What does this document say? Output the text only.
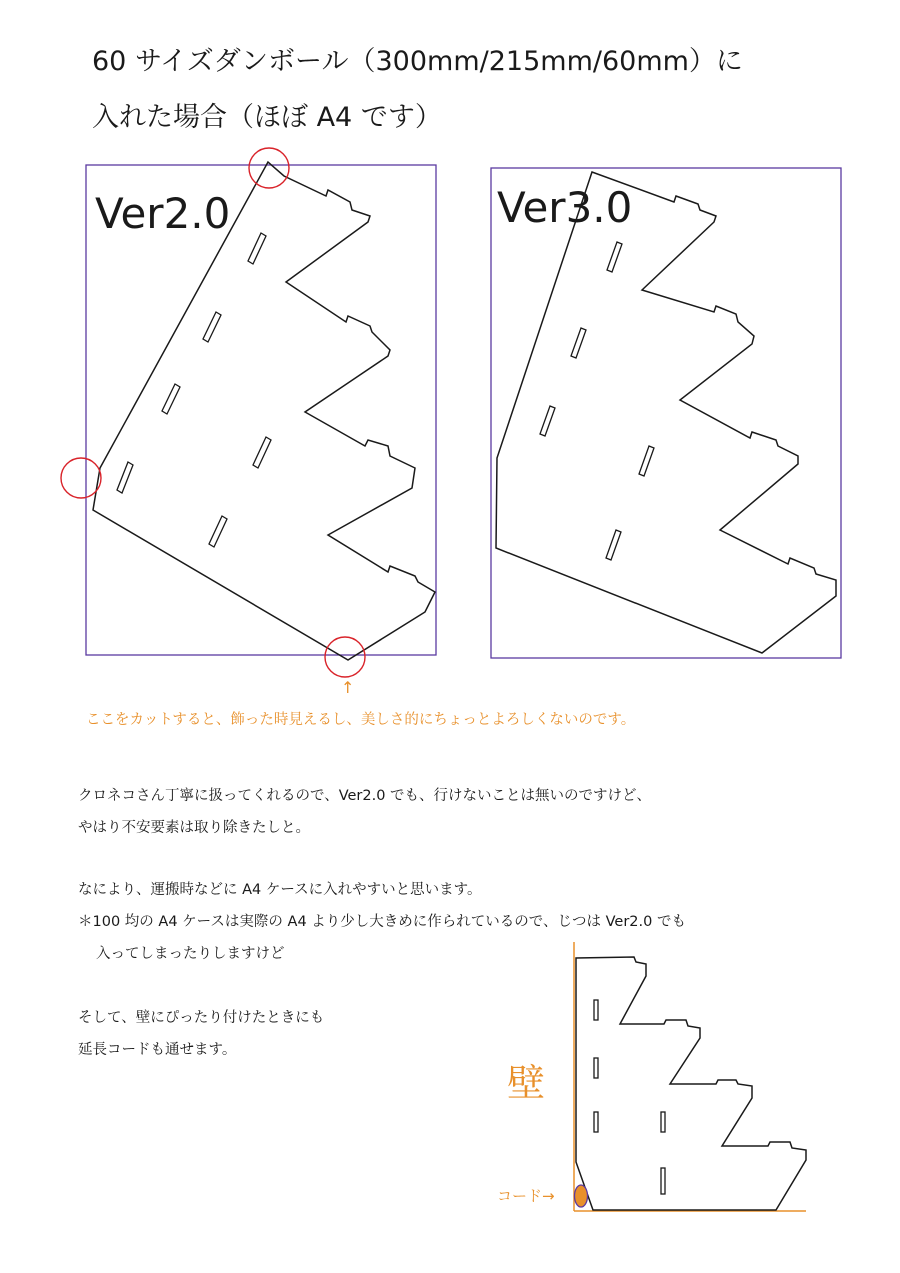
60 サイズダンボール（300mm/215mm/60mm）に
入れた場合（ほぼ A4 です）
Ver2.0
↑
Ver3.0
壁
コード→
ここをカットすると、飾った時見えるし、美しさ的にちょっとよろしくないのです。
クロネコさん丁寧に扱ってくれるので、Ver2.0 でも、行けないことは無いのですけど、
やはり不安要素は取り除きたしと。
なにより、運搬時などに A4 ケースに入れやすいと思います。
＊100 均の A4 ケースは実際の A4 より少し大きめに作られているので、じつは Ver2.0 でも
入ってしまったりしますけど
そして、壁にぴったり付けたときにも
延長コードも通せます。
